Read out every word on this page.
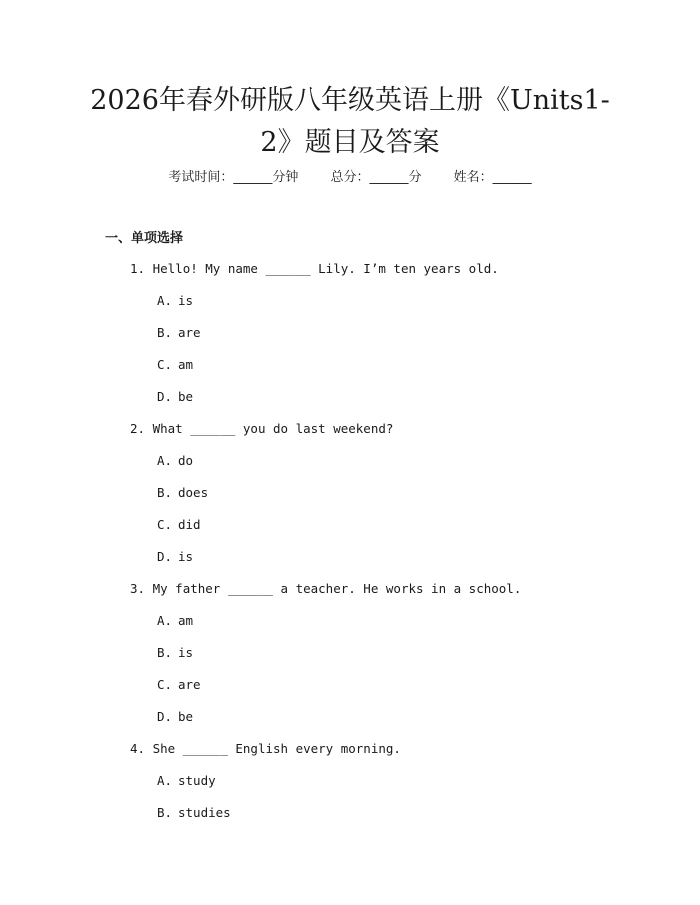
2026年春外研版八年级英语上册《Units1-
2》题目及答案
考试时间：______分钟 总分：______分 姓名：______
一、单项选择
1. Hello! My name ______ Lily. I’m ten years old.
A. is
B. are
C. am
D. be
2. What ______ you do last weekend?
A. do
B. does
C. did
D. is
3. My father ______ a teacher. He works in a school.
A. am
B. is
C. are
D. be
4. She ______ English every morning.
A. study
B. studies
